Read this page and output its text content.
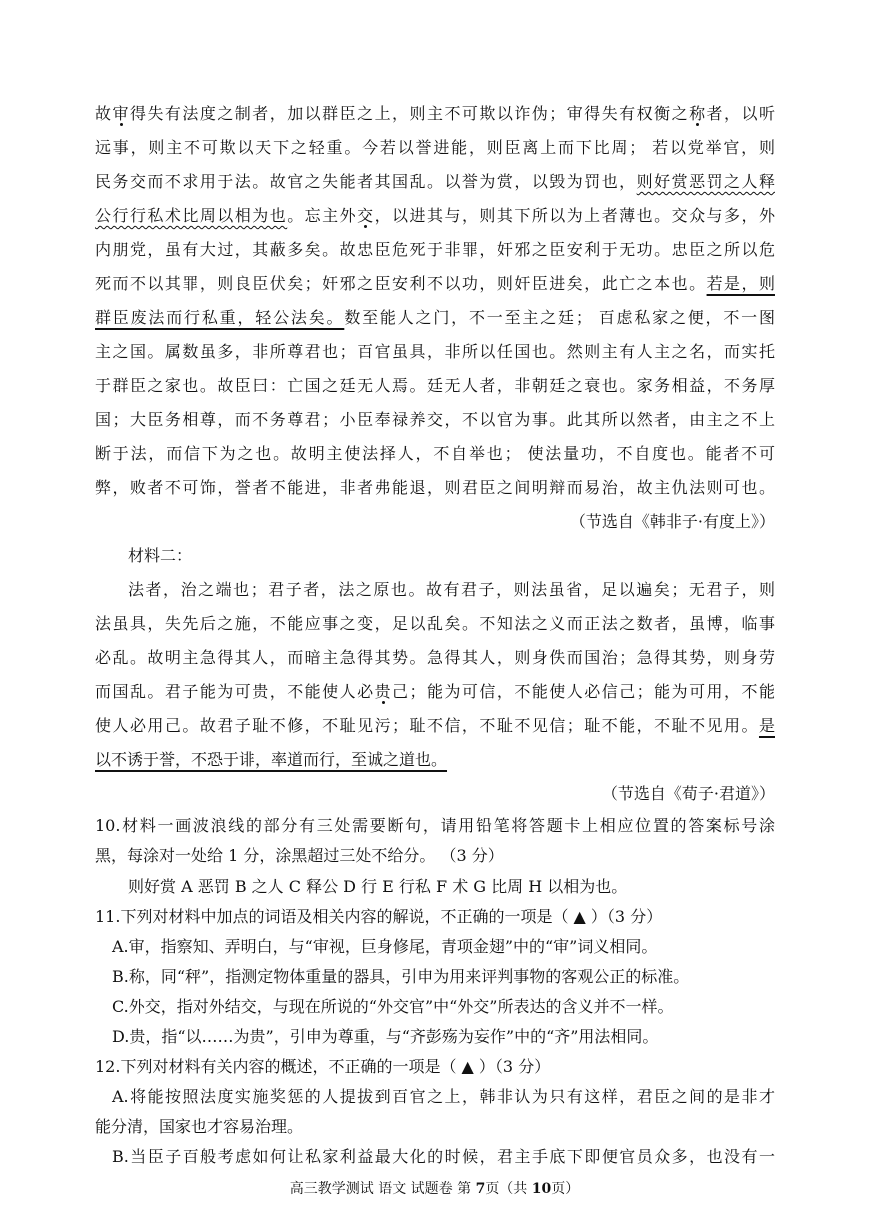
故审得失有法度之制者，加以群臣之上，则主不可欺以诈伪；审得失有权衡之称者，以听
远事，则主不可欺以天下之轻重。今若以誉进能，则臣离上而下比周； 若以党举官，则
民务交而不求用于法。故官之失能者其国乱。以誉为赏，以毁为罚也，则好赏恶罚之人释
公行行私术比周以相为也。忘主外交，以进其与，则其下所以为上者薄也。交众与多，外
内朋党，虽有大过，其蔽多矣。故忠臣危死于非罪，奸邪之臣安利于无功。忠臣之所以危
死而不以其罪，则良臣伏矣；奸邪之臣安利不以功，则奸臣进矣，此亡之本也。若是，则
群臣废法而行私重，轻公法矣。数至能人之门，不一至主之廷； 百虑私家之便，不一图
主之国。属数虽多，非所尊君也；百官虽具，非所以任国也。然则主有人主之名，而实托
于群臣之家也。故臣曰：亡国之廷无人焉。廷无人者，非朝廷之衰也。家务相益，不务厚
国；大臣务相尊，而不务尊君；小臣奉禄养交，不以官为事。此其所以然者，由主之不上
断于法，而信下为之也。故明主使法择人，不自举也； 使法量功，不自度也。能者不可
弊，败者不可饰，誉者不能进，非者弗能退，则君臣之间明辩而易治，故主仇法则可也。
（节选自《韩非子·有度上》）
材料二：
法者，治之端也；君子者，法之原也。故有君子，则法虽省，足以遍矣；无君子，则
法虽具，失先后之施，不能应事之变，足以乱矣。不知法之义而正法之数者，虽博，临事
必乱。故明主急得其人，而暗主急得其势。急得其人，则身佚而国治；急得其势，则身劳
而国乱。君子能为可贵，不能使人必贵己；能为可信，不能使人必信己；能为可用，不能
使人必用己。故君子耻不修，不耻见污；耻不信，不耻不见信；耻不能，不耻不见用。是
以不诱于誉，不恐于诽，率道而行，至诚之道也。
（节选自《荀子·君道》）
10.材料一画波浪线的部分有三处需要断句，请用铅笔将答题卡上相应位置的答案标号涂
黑，每涂对一处给 1 分，涂黑超过三处不给分。 （3 分）
则好赏 A 恶罚 B 之人 C 释公 D 行 E 行私 F 术 G 比周 H 以相为也。
11.下列对材料中加点的词语及相关内容的解说，不正确的一项是（ ▲ ）（3 分）
A.审，指察知、弄明白，与“审视，巨身修尾，青项金翅”中的“审”词义相同。
B.称，同“秤”，指测定物体重量的器具，引申为用来评判事物的客观公正的标准。
C.外交，指对外结交，与现在所说的“外交官”中“外交”所表达的含义并不一样。
D.贵，指“以……为贵”，引申为尊重，与“齐彭殇为妄作”中的“齐”用法相同。
12.下列对材料有关内容的概述，不正确的一项是（ ▲ ）（3 分）
A.将能按照法度实施奖惩的人提拔到百官之上，韩非认为只有这样，君臣之间的是非才
能分清，国家也才容易治理。
B.当臣子百般考虑如何让私家利益最大化的时候，君主手底下即便官员众多，也没有一
高三教学测试 语文 试题卷 第 7页（共 10页）
